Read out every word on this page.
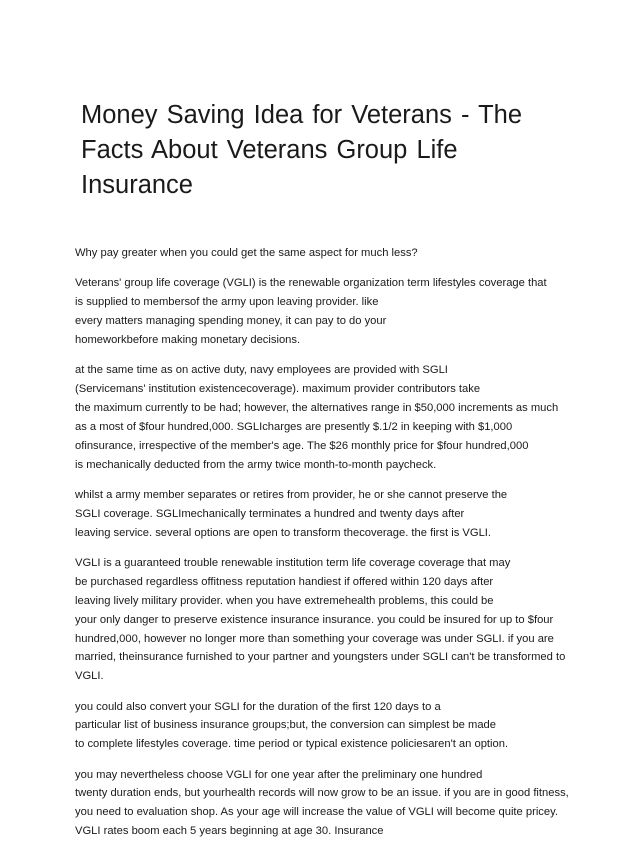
Money Saving Idea for Veterans - The
Facts About Veterans Group Life
Insurance

Why pay greater when you could get the same aspect for much less?

Veterans' group life coverage (VGLI) is the renewable organization term lifestyles coverage that
is supplied to membersof the army upon leaving provider. like
every matters managing spending money, it can pay to do your
homeworkbefore making monetary decisions.

at the same time as on active duty, navy employees are provided with SGLI
(Servicemans' institution existencecoverage). maximum provider contributors take
the maximum currently to be had; however, the alternatives range in $50,000 increments as much
as a most of $four hundred,000. SGLIcharges are presently $.1/2 in keeping with $1,000
ofinsurance, irrespective of the member's age. The $26 monthly price for $four hundred,000
is mechanically deducted from the army twice month-to-month paycheck.

whilst a army member separates or retires from provider, he or she cannot preserve the
SGLI coverage. SGLImechanically terminates a hundred and twenty days after
leaving service. several options are open to transform thecoverage. the first is VGLI.

VGLI is a guaranteed trouble renewable institution term life coverage coverage that may
be purchased regardless offitness reputation handiest if offered within 120 days after
leaving lively military provider. when you have extremehealth problems, this could be
your only danger to preserve existence insurance insurance. you could be insured for up to $four
hundred,000, however no longer more than something your coverage was under SGLI. if you are
married, theinsurance furnished to your partner and youngsters under SGLI can't be transformed to
VGLI.

you could also convert your SGLI for the duration of the first 120 days to a
particular list of business insurance groups;but, the conversion can simplest be made
to complete lifestyles coverage. time period or typical existence policiesaren't an option.

you may nevertheless choose VGLI for one year after the preliminary one hundred
twenty duration ends, but yourhealth records will now grow to be an issue. if you are in good fitness,
you need to evaluation shop. As your age will increase the value of VGLI will become quite pricey.
VGLI rates boom each 5 years beginning at age 30. Insurance
